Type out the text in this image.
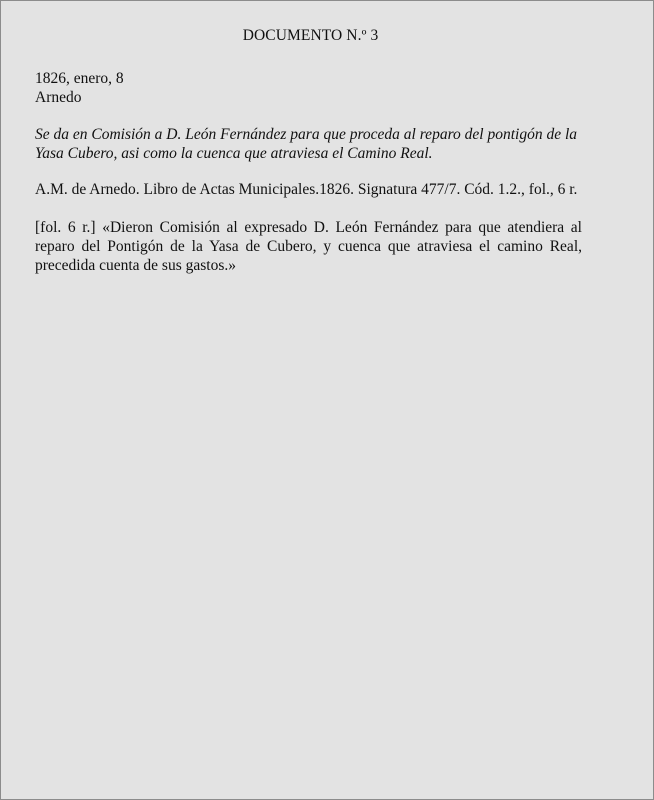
DOCUMENTO N.º 3
1826, enero, 8
Arnedo
Se da en Comisión a D. León Fernández para que proceda al reparo del pontigón de la Yasa Cubero, asi como la cuenca que atraviesa el Camino Real.
A.M. de Arnedo. Libro de Actas Municipales.1826. Signatura 477/7. Cód. 1.2., fol., 6 r.
[fol. 6 r.] «Dieron Comisión al expresado D. León Fernández para que atendiera al reparo del Pontigón de la Yasa de Cubero, y cuenca que atraviesa el camino Real, precedida cuenta de sus gastos.»
